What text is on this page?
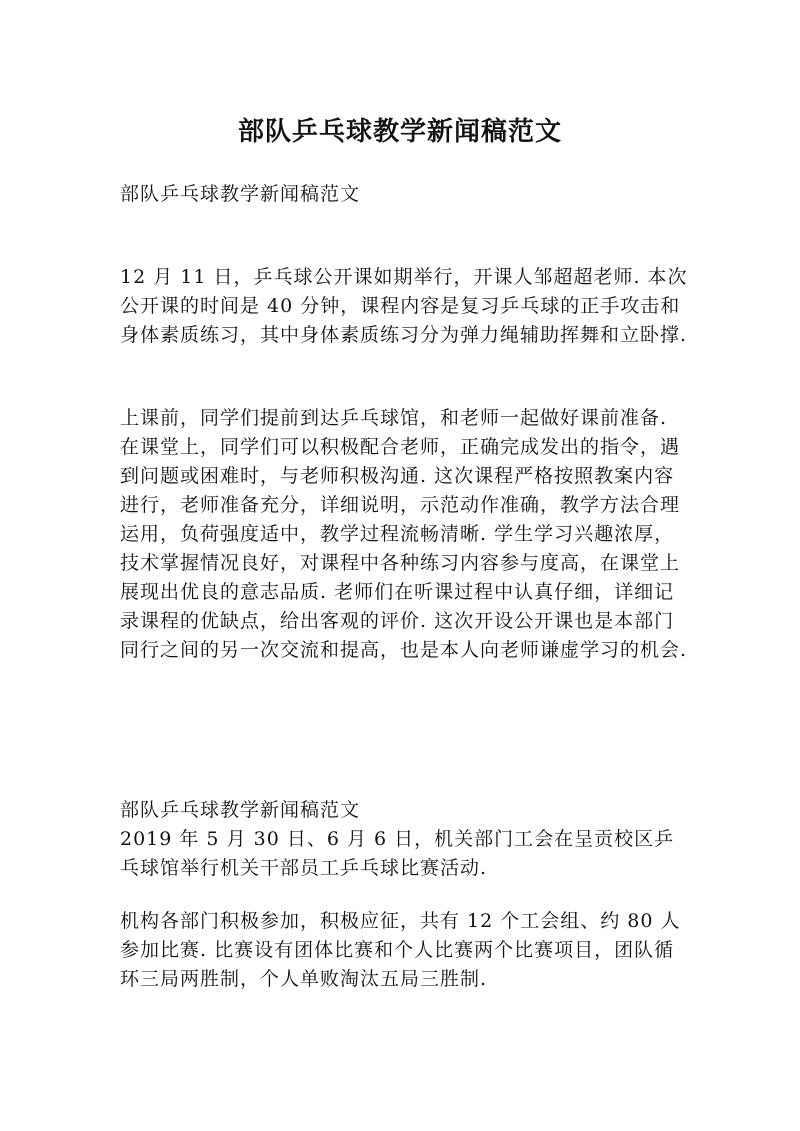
部队乒乓球教学新闻稿范文

部队乒乓球教学新闻稿范文

12 月 11 日，乒乓球公开课如期举行，开课人邹超超老师. 本次公开课的时间是 40 分钟，课程内容是复习乒乓球的正手攻击和身体素质练习，其中身体素质练习分为弹力绳辅助挥舞和立卧撑.

上课前，同学们提前到达乒乓球馆，和老师一起做好课前准备. 在课堂上，同学们可以积极配合老师，正确完成发出的指令，遇到问题或困难时，与老师积极沟通. 这次课程严格按照教案内容进行，老师准备充分，详细说明，示范动作准确，教学方法合理运用，负荷强度适中，教学过程流畅清晰. 学生学习兴趣浓厚，技术掌握情况良好，对课程中各种练习内容参与度高，在课堂上展现出优良的意志品质. 老师们在听课过程中认真仔细，详细记录课程的优缺点，给出客观的评价. 这次开设公开课也是本部门同行之间的另一次交流和提高，也是本人向老师谦虚学习的机会.

部队乒乓球教学新闻稿范文

2019 年 5 月 30 日、6 月 6 日，机关部门工会在呈贡校区乒乓球馆举行机关干部员工乒乓球比赛活动.

机构各部门积极参加，积极应征，共有 12 个工会组、约 80 人参加比赛. 比赛设有团体比赛和个人比赛两个比赛项目，团队循环三局两胜制，个人单败淘汰五局三胜制.
